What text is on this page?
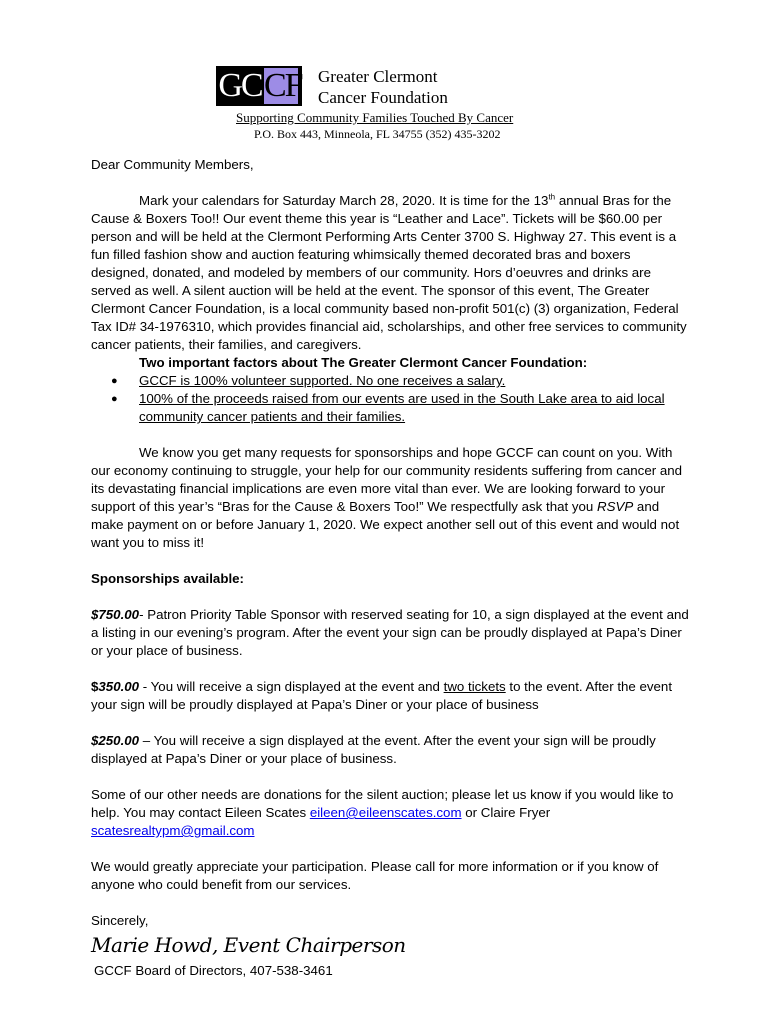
GC CF Greater Clermont
Cancer Foundation
Supporting Community Families Touched By Cancer
P.O. Box 443, Minneola, FL 34755 (352) 435-3202

Dear Community Members,

Mark your calendars for Saturday March 28, 2020. It is time for the 13th annual Bras for the Cause & Boxers Too!! Our event theme this year is “Leather and Lace”. Tickets will be $60.00 per person and will be held at the Clermont Performing Arts Center 3700 S. Highway 27. This event is a fun filled fashion show and auction featuring whimsically themed decorated bras and boxers designed, donated, and modeled by members of our community. Hors d’oeuvres and drinks are served as well. A silent auction will be held at the event. The sponsor of this event, The Greater Clermont Cancer Foundation, is a local community based non-profit 501(c) (3) organization, Federal Tax ID# 34-1976310, which provides financial aid, scholarships, and other free services to community cancer patients, their families, and caregivers.

Two important factors about The Greater Clermont Cancer Foundation:

● GCCF is 100% volunteer supported. No one receives a salary.
● 100% of the proceeds raised from our events are used in the South Lake area to aid local community cancer patients and their families.

We know you get many requests for sponsorships and hope GCCF can count on you. With our economy continuing to struggle, your help for our community residents suffering from cancer and its devastating financial implications are even more vital than ever. We are looking forward to your support of this year’s “Bras for the Cause & Boxers Too!” We respectfully ask that you RSVP and make payment on or before January 1, 2020. We expect another sell out of this event and would not want you to miss it!

Sponsorships available:

$750.00- Patron Priority Table Sponsor with reserved seating for 10, a sign displayed at the event and a listing in our evening’s program. After the event your sign can be proudly displayed at Papa’s Diner or your place of business.

$350.00 - You will receive a sign displayed at the event and two tickets to the event. After the event your sign will be proudly displayed at Papa’s Diner or your place of business

$250.00 – You will receive a sign displayed at the event. After the event your sign will be proudly displayed at Papa’s Diner or your place of business.

Some of our other needs are donations for the silent auction; please let us know if you would like to help. You may contact Eileen Scates eileen@eileenscates.com or Claire Fryer scatesrealtypm@gmail.com

We would greatly appreciate your participation. Please call for more information or if you know of anyone who could benefit from our services.

Sincerely,

Marie Howd, Event Chairperson

GCCF Board of Directors, 407-538-3461
